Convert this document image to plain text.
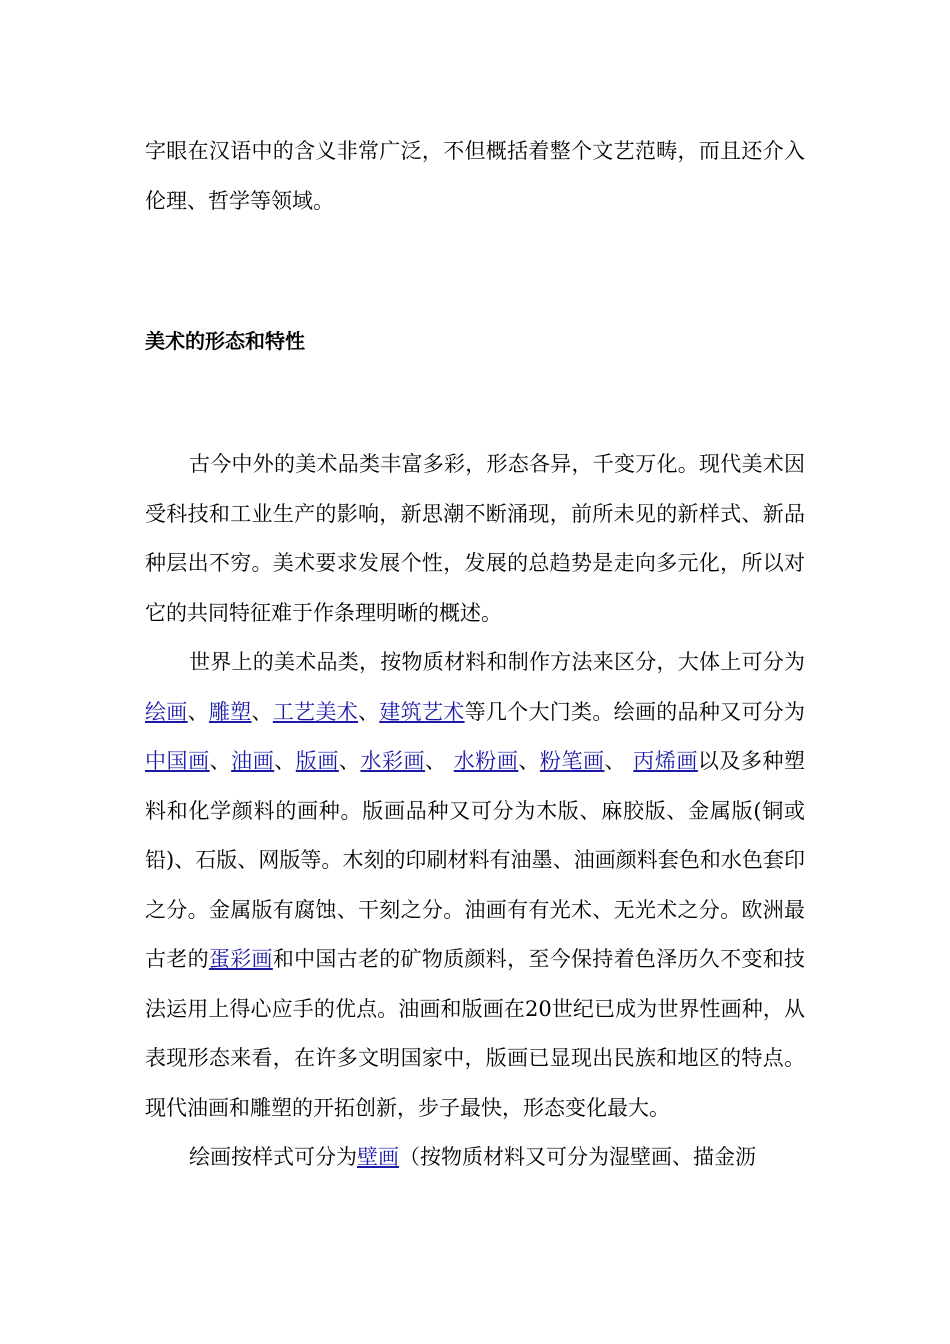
字眼在汉语中的含义非常广泛，不但概括着整个文艺范畴，而且还介入伦理、哲学等领域。

美术的形态和特性

古今中外的美术品类丰富多彩，形态各异，千变万化。现代美术因受科技和工业生产的影响，新思潮不断涌现，前所未见的新样式、新品种层出不穷。美术要求发展个性，发展的总趋势是走向多元化，所以对它的共同特征难于作条理明晰的概述。

世界上的美术品类，按物质材料和制作方法来区分，大体上可分为绘画、雕塑、工艺美术、建筑艺术等几个大门类。绘画的品种又可分为中国画、油画、版画、水彩画、 水粉画、粉笔画、 丙烯画以及多种塑料和化学颜料的画种。版画品种又可分为木版、麻胶版、金属版(铜或铅)、石版、网版等。木刻的印刷材料有油墨、油画颜料套色和水色套印之分。金属版有腐蚀、干刻之分。油画有有光术、无光术之分。欧洲最古老的蛋彩画和中国古老的矿物质颜料，至今保持着色泽历久不变和技法运用上得心应手的优点。油画和版画在20世纪已成为世界性画种，从表现形态来看，在许多文明国家中，版画已显现出民族和地区的特点。现代油画和雕塑的开拓创新，步子最快，形态变化最大。

绘画按样式可分为壁画（按物质材料又可分为湿壁画、描金沥
